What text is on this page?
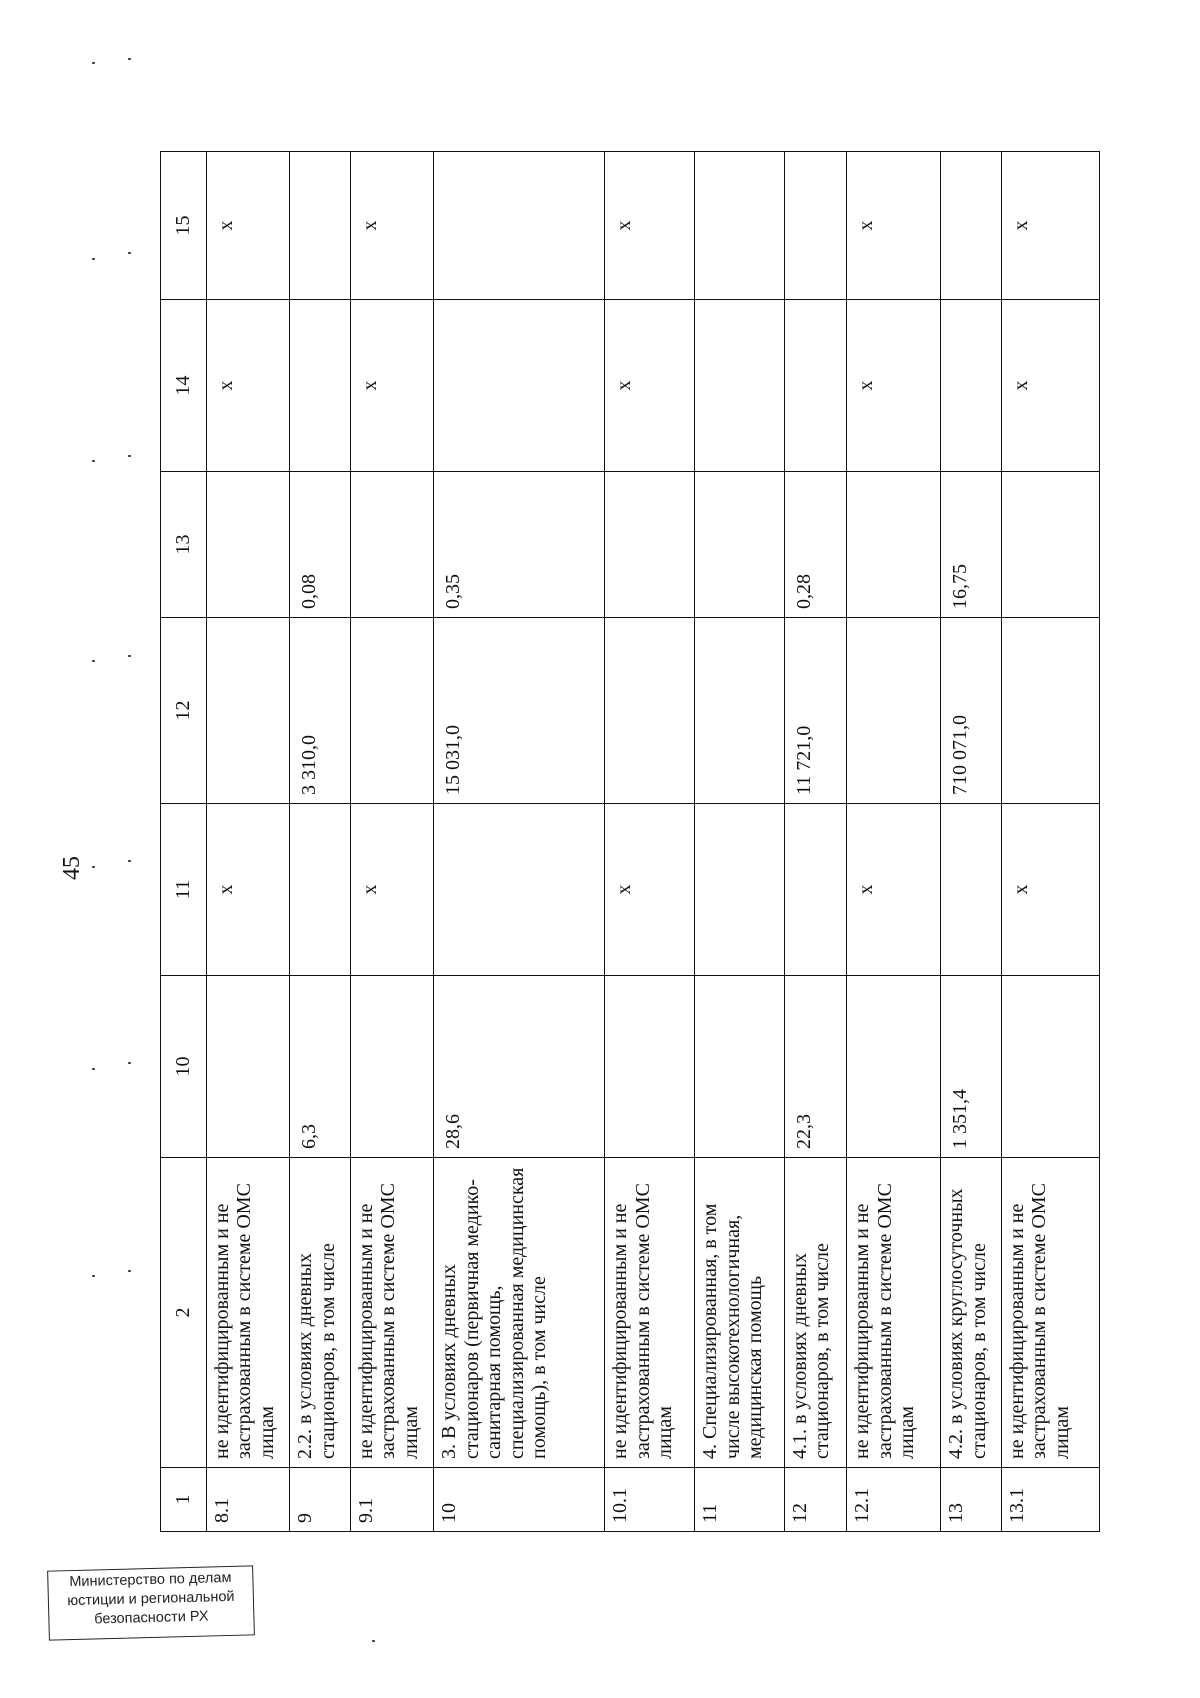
45
1	2	10	11	12	13	14	15
8.1	не идентифицированным и не застрахованным в системе ОМС лицам		х			х	х
9	2.2. в условиях дневных стационаров, в том числе	6,3		3 310,0	0,08		
9.1	не идентифицированным и не застрахованным в системе ОМС лицам		х			х	х
10	3. В условиях дневных стационаров (первичная медико-санитарная помощь, специализированная медицинская помощь), в том числе	28,6		15 031,0	0,35		
10.1	не идентифицированным и не застрахованным в системе ОМС лицам		х			х	х
11	4. Специализированная, в том числе высокотехнологичная, медицинская помощь						
12	4.1. в условиях дневных стационаров, в том числе	22,3		11 721,0	0,28		
12.1	не идентифицированным и не застрахованным в системе ОМС лицам		х			х	х
13	4.2. в условиях круглосуточных стационаров, в том числе	1 351,4		710 071,0	16,75		
13.1	не идентифицированным и не застрахованным в системе ОМС лицам		х			х	х
Министерство по делам
юстиции и региональной
безопасности РХ
